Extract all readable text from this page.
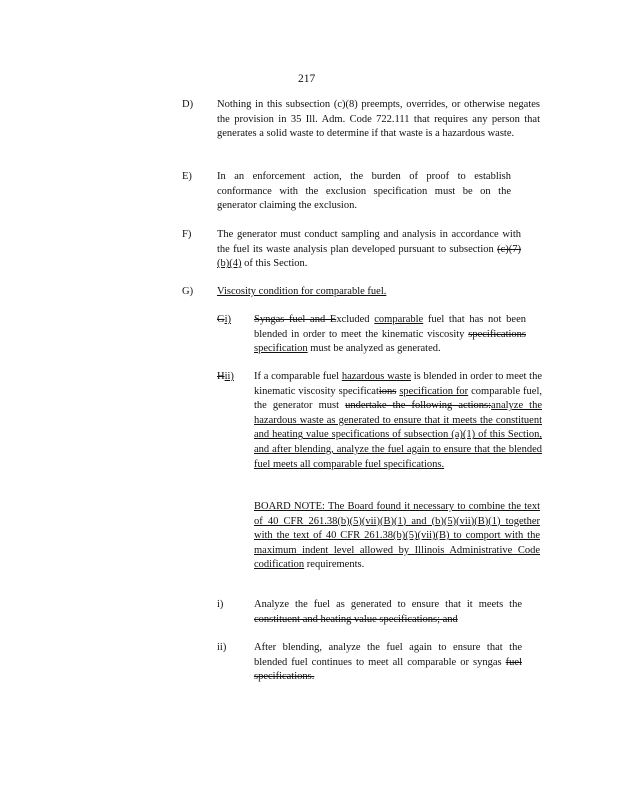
217
D) Nothing in this subsection (c)(8) preempts, overrides, or otherwise negates the provision in 35 Ill. Adm. Code 722.111 that requires any person that generates a solid waste to determine if that waste is a hazardous waste.
E) In an enforcement action, the burden of proof to establish conformance with the exclusion specification must be on the generator claiming the exclusion.
F) The generator must conduct sampling and analysis in accordance with the fuel its waste analysis plan developed pursuant to subsection (c)(7) (b)(4) of this Section.
G) Viscosity condition for comparable fuel.
Gi) Syngas fuel and Excluded comparable fuel that has not been blended in order to meet the kinematic viscosity specifications specification must be analyzed as generated.
Hii) If a comparable fuel hazardous waste is blended in order to meet the kinematic viscosity specifications specification for comparable fuel, the generator must undertake the following actions:analyze the hazardous waste as generated to ensure that it meets the constituent and heating value specifications of subsection (a)(1) of this Section, and after blending, analyze the fuel again to ensure that the blended fuel meets all comparable fuel specifications.
BOARD NOTE: The Board found it necessary to combine the text of 40 CFR 261.38(b)(5)(vii)(B)(1) and (b)(5)(vii)(B)(1) together with the text of 40 CFR 261.38(b)(5)(vii)(B) to comport with the maximum indent level allowed by Illinois Administrative Code codification requirements.
i)	Analyze the fuel as generated to ensure that it meets the constituent and heating value specifications; and
ii)	After blending, analyze the fuel again to ensure that the blended fuel continues to meet all comparable or syngas fuel specifications.
